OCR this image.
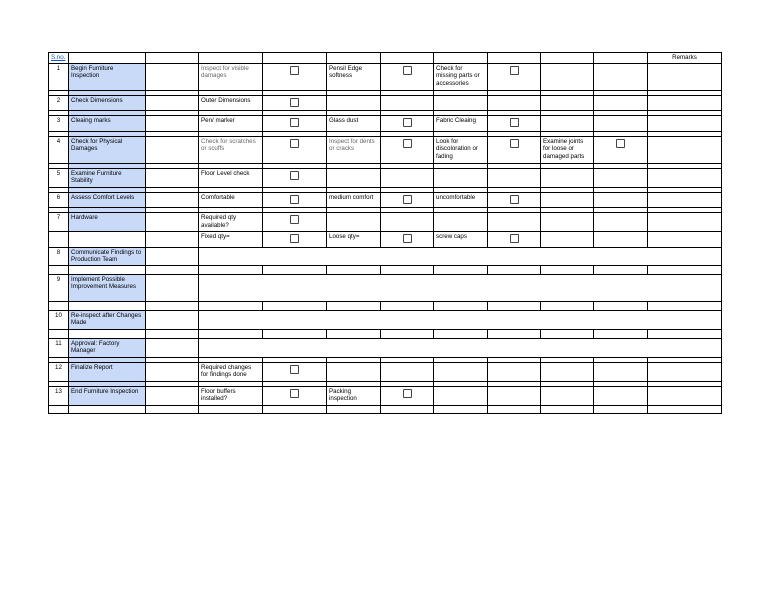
S.no.											Remarks
1	Begin Furniture Inspection		Inspect for visible damages		Pensil Edge softness		Check for missing parts or accessories				

2	Check Dimensions		Outer Dimensions								

3	Cleaing marks		Pen/ marker		Glass dust		Fabric Cleaing				

4	Check for Physical Damages		Check for scratches or scuffs		Inspect for dents or cracks		Look for discoloration or fading		Examine joints for loose or damaged parts		

5	Examine Furniture Stability		Floor Level check								

6	Assess Comfort Levels		Comfortable		medium comfort		uncomfortable				

7	Hardware		Required qty available?								
			Fixed qty=		Loose qty=		screw caps				
8	Communicate Findings to Production Team										

9	Implement Possible Improvement Measures										

10	Re-inspect after Changes Made										

11	Approval: Factory Manager										

12	Finalize Report		Required changes for findings done								

13	End Furniture Inspection		Floor buffers installed?		Packing inspection						
